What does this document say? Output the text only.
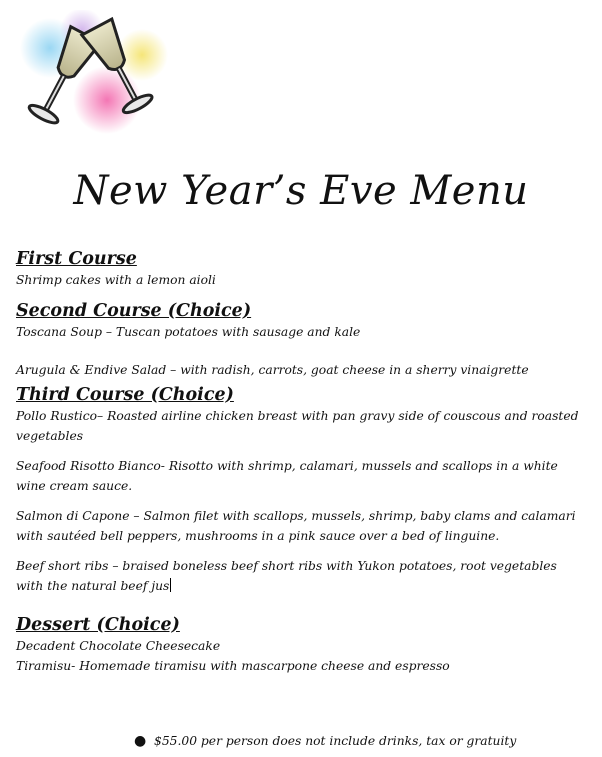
New Year’s Eve Menu

First Course

Shrimp cakes with a lemon aioli

Second Course (Choice)

Toscana Soup – Tuscan potatoes with sausage and kale

Arugula & Endive Salad – with radish, carrots, goat cheese in a sherry vinaigrette

Third Course (Choice)

Pollo Rustico– Roasted airline chicken breast with pan gravy side of couscous and roasted vegetables

Seafood Risotto Bianco- Risotto with shrimp, calamari, mussels and scallops in a white wine cream sauce.

Salmon di Capone – Salmon filet with scallops, mussels, shrimp, baby clams and calamari with sautéed bell peppers, mushrooms in a pink sauce over a bed of linguine.

Beef short ribs – braised boneless beef short ribs with Yukon potatoes, root vegetables with the natural beef jus

Dessert (Choice)

Decadent Chocolate Cheesecake

Tiramisu- Homemade tiramisu with mascarpone cheese and espresso

● $55.00 per person does not include drinks, tax or gratuity
